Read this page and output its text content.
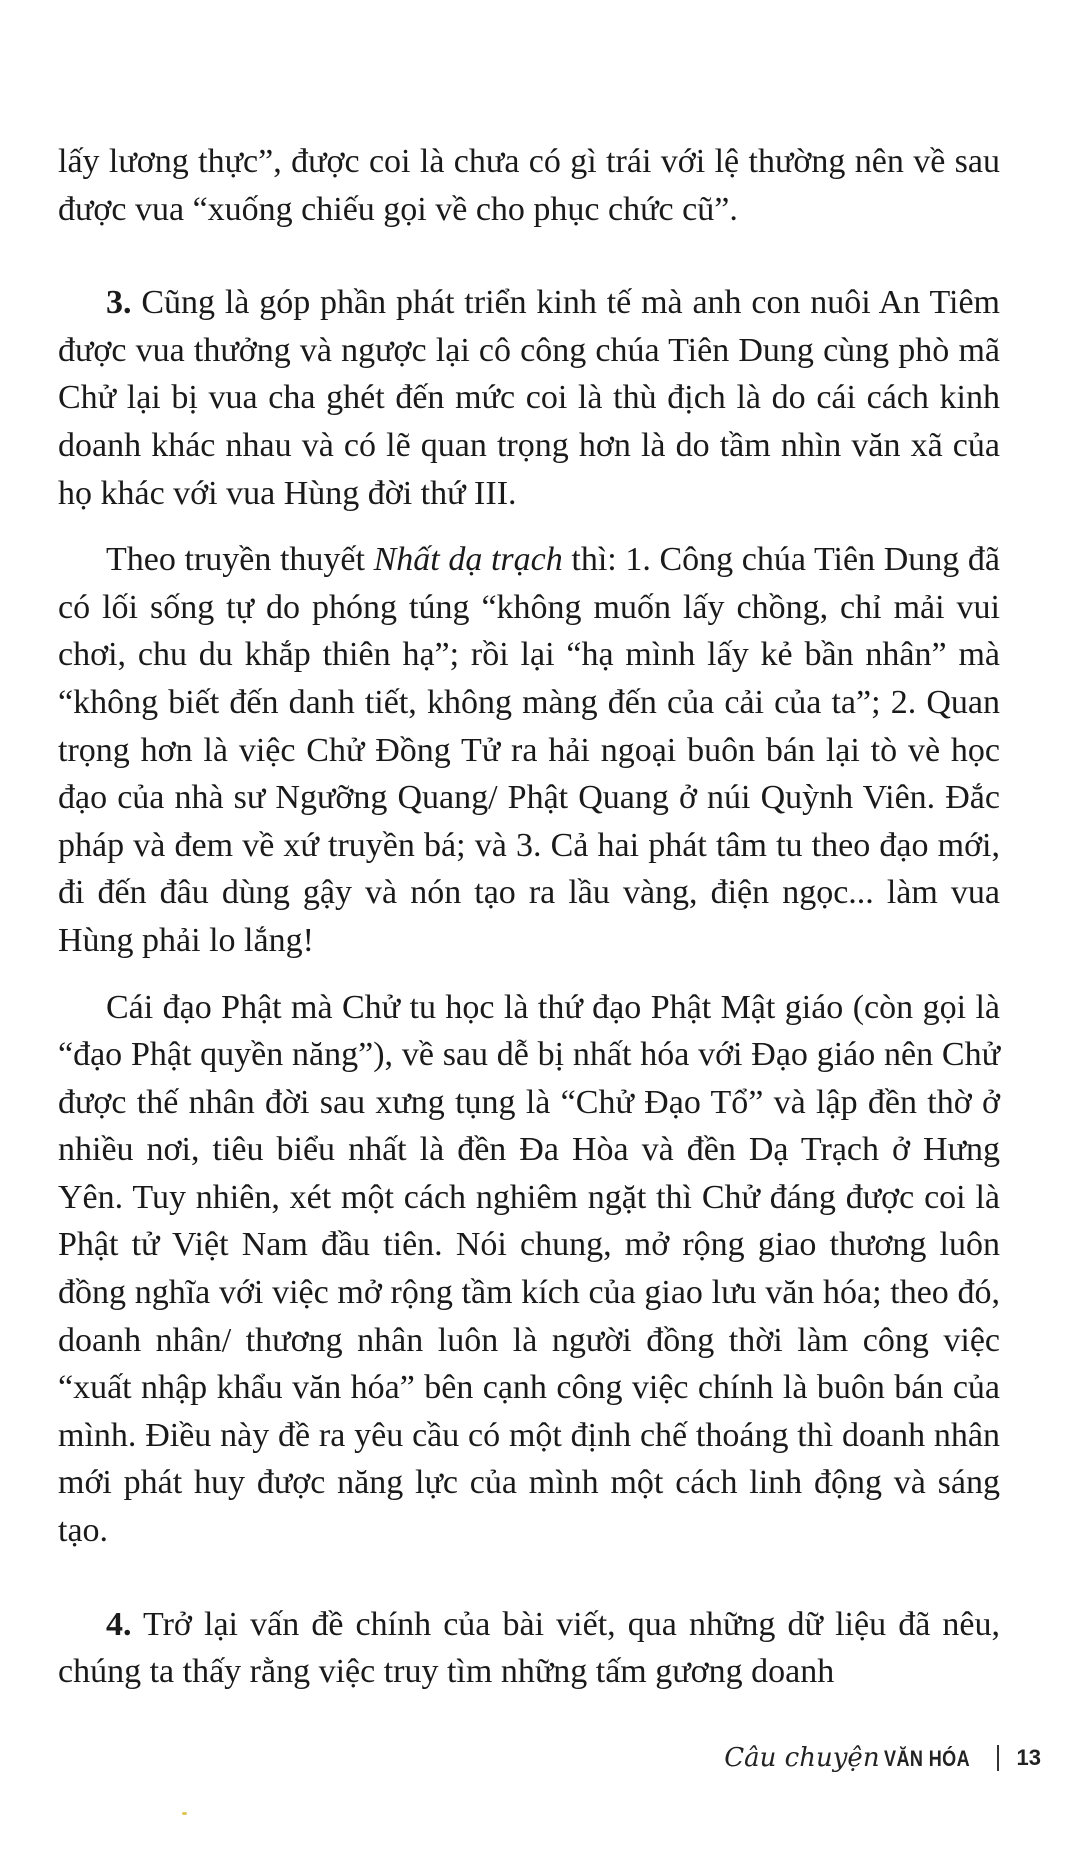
lấy lương thực”, được coi là chưa có gì trái với lệ thường nên về sau được vua “xuống chiếu gọi về cho phục chức cũ”.

3. Cũng là góp phần phát triển kinh tế mà anh con nuôi An Tiêm được vua thưởng và ngược lại cô công chúa Tiên Dung cùng phò mã Chử lại bị vua cha ghét đến mức coi là thù địch là do cái cách kinh doanh khác nhau và có lẽ quan trọng hơn là do tầm nhìn văn xã của họ khác với vua Hùng đời thứ III.

Theo truyền thuyết Nhất dạ trạch thì: 1. Công chúa Tiên Dung đã có lối sống tự do phóng túng “không muốn lấy chồng, chỉ mải vui chơi, chu du khắp thiên hạ”; rồi lại “hạ mình lấy kẻ bần nhân” mà “không biết đến danh tiết, không màng đến của cải của ta”; 2. Quan trọng hơn là việc Chử Đồng Tử ra hải ngoại buôn bán lại tò vè học đạo của nhà sư Ngưỡng Quang/ Phật Quang ở núi Quỳnh Viên. Đắc pháp và đem về xứ truyền bá; và 3. Cả hai phát tâm tu theo đạo mới, đi đến đâu dùng gậy và nón tạo ra lầu vàng, điện ngọc... làm vua Hùng phải lo lắng!

Cái đạo Phật mà Chử tu học là thứ đạo Phật Mật giáo (còn gọi là “đạo Phật quyền năng”), về sau dễ bị nhất hóa với Đạo giáo nên Chử được thế nhân đời sau xưng tụng là “Chử Đạo Tổ” và lập đền thờ ở nhiều nơi, tiêu biểu nhất là đền Đa Hòa và đền Dạ Trạch ở Hưng Yên. Tuy nhiên, xét một cách nghiêm ngặt thì Chử đáng được coi là Phật tử Việt Nam đầu tiên. Nói chung, mở rộng giao thương luôn đồng nghĩa với việc mở rộng tầm kích của giao lưu văn hóa; theo đó, doanh nhân/ thương nhân luôn là người đồng thời làm công việc “xuất nhập khẩu văn hóa” bên cạnh công việc chính là buôn bán của mình. Điều này đề ra yêu cầu có một định chế thoáng thì doanh nhân mới phát huy được năng lực của mình một cách linh động và sáng tạo.

4. Trở lại vấn đề chính của bài viết, qua những dữ liệu đã nêu, chúng ta thấy rằng việc truy tìm những tấm gương doanh

Câu chuyện VĂN HÓA 13
